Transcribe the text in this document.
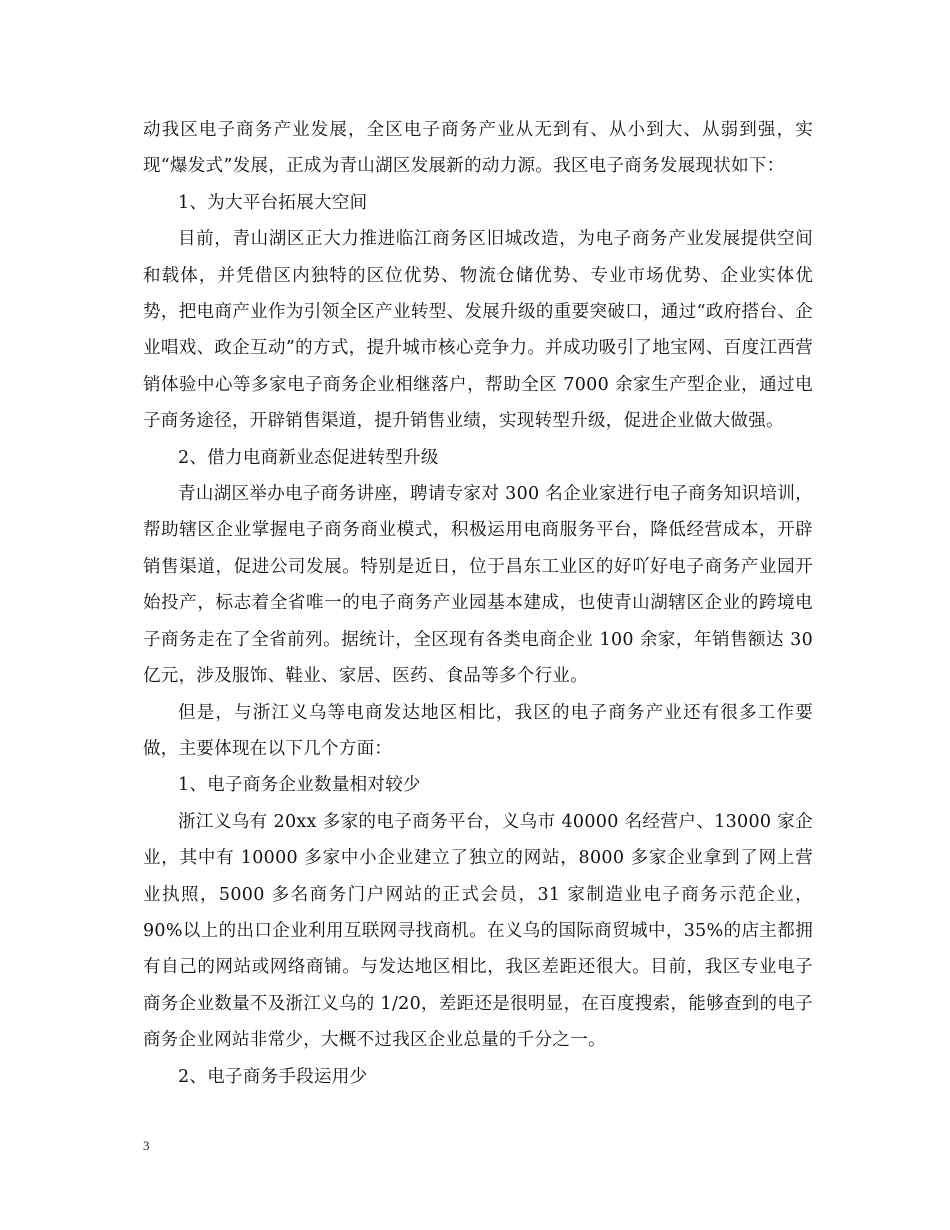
动我区电子商务产业发展，全区电子商务产业从无到有、从小到大、从弱到强，实现“爆发式”发展，正成为青山湖区发展新的动力源。我区电子商务发展现状如下：

1、为大平台拓展大空间

目前，青山湖区正大力推进临江商务区旧城改造，为电子商务产业发展提供空间和载体，并凭借区内独特的区位优势、物流仓储优势、专业市场优势、企业实体优势，把电商产业作为引领全区产业转型、发展升级的重要突破口，通过“政府搭台、企业唱戏、政企互动”的方式，提升城市核心竞争力。并成功吸引了地宝网、百度江西营销体验中心等多家电子商务企业相继落户，帮助全区 7000 余家生产型企业，通过电子商务途径，开辟销售渠道，提升销售业绩，实现转型升级，促进企业做大做强。

2、借力电商新业态促进转型升级

青山湖区举办电子商务讲座，聘请专家对 300 名企业家进行电子商务知识培训，帮助辖区企业掌握电子商务商业模式，积极运用电商服务平台，降低经营成本，开辟销售渠道，促进公司发展。特别是近日，位于昌东工业区的好吖好电子商务产业园开始投产，标志着全省唯一的电子商务产业园基本建成，也使青山湖辖区企业的跨境电子商务走在了全省前列。据统计，全区现有各类电商企业 100 余家，年销售额达 30 亿元，涉及服饰、鞋业、家居、医药、食品等多个行业。

但是，与浙江义乌等电商发达地区相比，我区的电子商务产业还有很多工作要做，主要体现在以下几个方面：

1、电子商务企业数量相对较少

浙江义乌有 20xx 多家的电子商务平台，义乌市 40000 名经营户、13000 家企业，其中有 10000 多家中小企业建立了独立的网站，8000 多家企业拿到了网上营业执照，5000 多名商务门户网站的正式会员，31 家制造业电子商务示范企业，90%以上的出口企业利用互联网寻找商机。在义乌的国际商贸城中，35%的店主都拥有自己的网站或网络商铺。与发达地区相比，我区差距还很大。目前，我区专业电子商务企业数量不及浙江义乌的 1/20，差距还是很明显，在百度搜索，能够查到的电子商务企业网站非常少，大概不过我区企业总量的千分之一。

2、电子商务手段运用少

3
